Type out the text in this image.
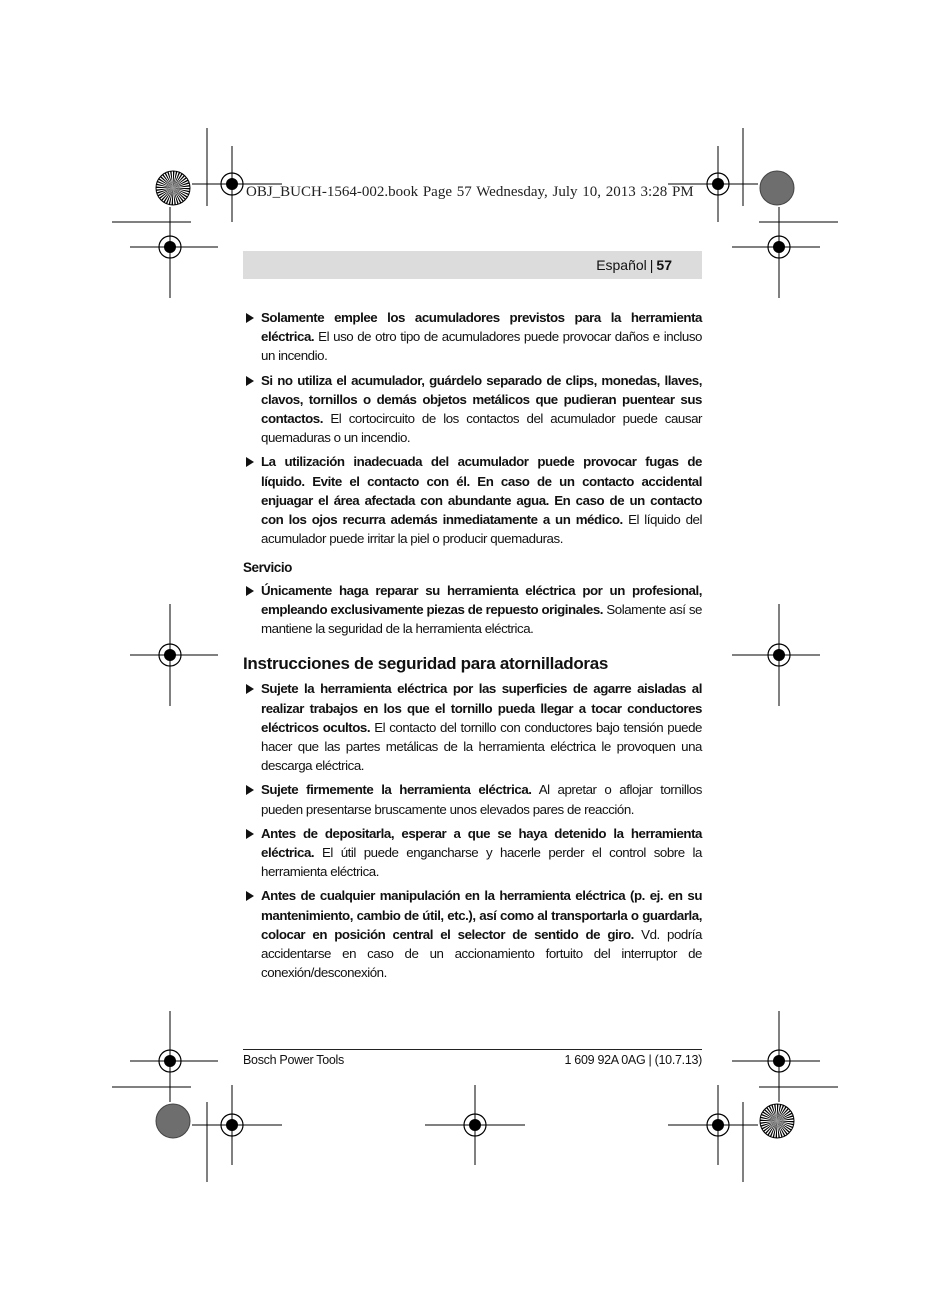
OBJ_BUCH-1564-002.book Page 57 Wednesday, July 10, 2013 3:28 PM
Español | 57
Solamente emplee los acumuladores previstos para la herramienta eléctrica. El uso de otro tipo de acumuladores puede provocar daños e incluso un incendio.
Si no utiliza el acumulador, guárdelo separado de clips, monedas, llaves, clavos, tornillos o demás objetos metálicos que pudieran puentear sus contactos. El cortocircuito de los contactos del acumulador puede causar quemaduras o un incendio.
La utilización inadecuada del acumulador puede provocar fugas de líquido. Evite el contacto con él. En caso de un contacto accidental enjuagar el área afectada con abundante agua. En caso de un contacto con los ojos recurra además inmediatamente a un médico. El líquido del acumulador puede irritar la piel o producir quemaduras.
Servicio
Únicamente haga reparar su herramienta eléctrica por un profesional, empleando exclusivamente piezas de repuesto originales. Solamente así se mantiene la seguridad de la herramienta eléctrica.
Instrucciones de seguridad para atornilladoras
Sujete la herramienta eléctrica por las superficies de agarre aisladas al realizar trabajos en los que el tornillo pueda llegar a tocar conductores eléctricos ocultos. El contacto del tornillo con conductores bajo tensión puede hacer que las partes metálicas de la herramienta eléctrica le provoquen una descarga eléctrica.
Sujete firmemente la herramienta eléctrica. Al apretar o aflojar tornillos pueden presentarse bruscamente unos elevados pares de reacción.
Antes de depositarla, esperar a que se haya detenido la herramienta eléctrica. El útil puede engancharse y hacerle perder el control sobre la herramienta eléctrica.
Antes de cualquier manipulación en la herramienta eléctrica (p. ej. en su mantenimiento, cambio de útil, etc.), así como al transportarla o guardarla, colocar en posición central el selector de sentido de giro. Vd. podría accidentarse en caso de un accionamiento fortuito del interruptor de conexión/desconexión.
Bosch Power Tools	1 609 92A 0AG | (10.7.13)
